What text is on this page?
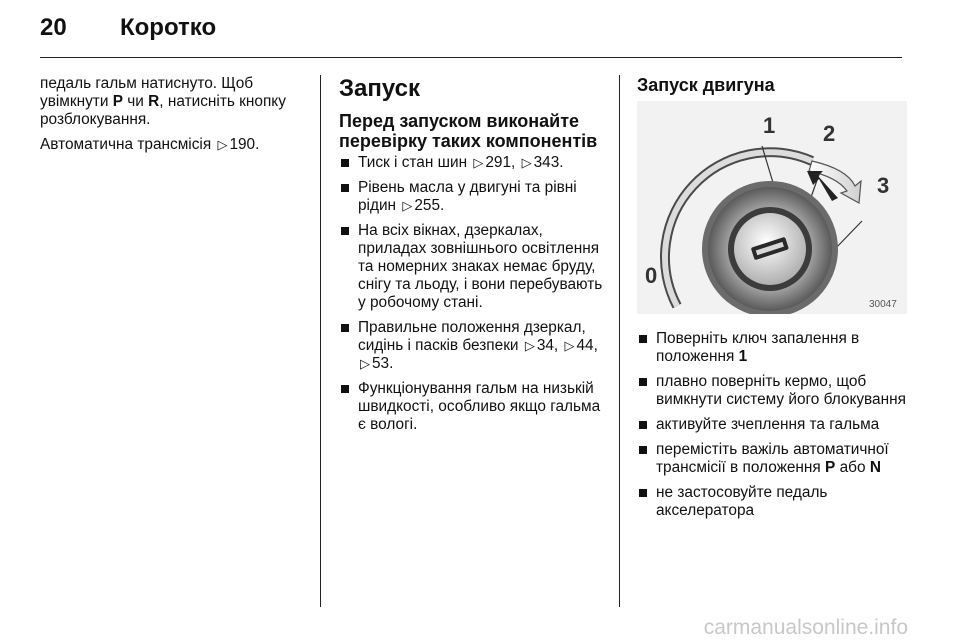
20 Коротко

педаль гальм натиснуто. Щоб увімкнути P чи R, натисніть кнопку розблокування.

Автоматична трансмісія ▷ 190.

Запуск
Перед запуском виконайте перевірку таких компонентів
Тиск і стан шин ▷ 291, ▷ 343.
Рівень масла у двигуні та рівні рідин ▷ 255.
На всіх вікнах, дзеркалах, приладах зовнішнього освітлення та номерних знаках немає бруду, снігу та льоду, і вони перебувають у робочому стані.
Правильне положення дзеркал, сидінь і пасків безпеки ▷ 34, ▷ 44, ▷ 53.
Функціонування гальм на низькій швидкості, особливо якщо гальма є вологі.
Запуск двигуна
1 2
3
0
30047
Поверніть ключ запалення в положення 1
плавно поверніть кермо, щоб вимкнути систему його блокування
активуйте зчеплення та гальма
перемістіть важіль автоматичної трансмісії в положення P або N
не застосовуйте педаль акселератора
carmanualsonline.info
